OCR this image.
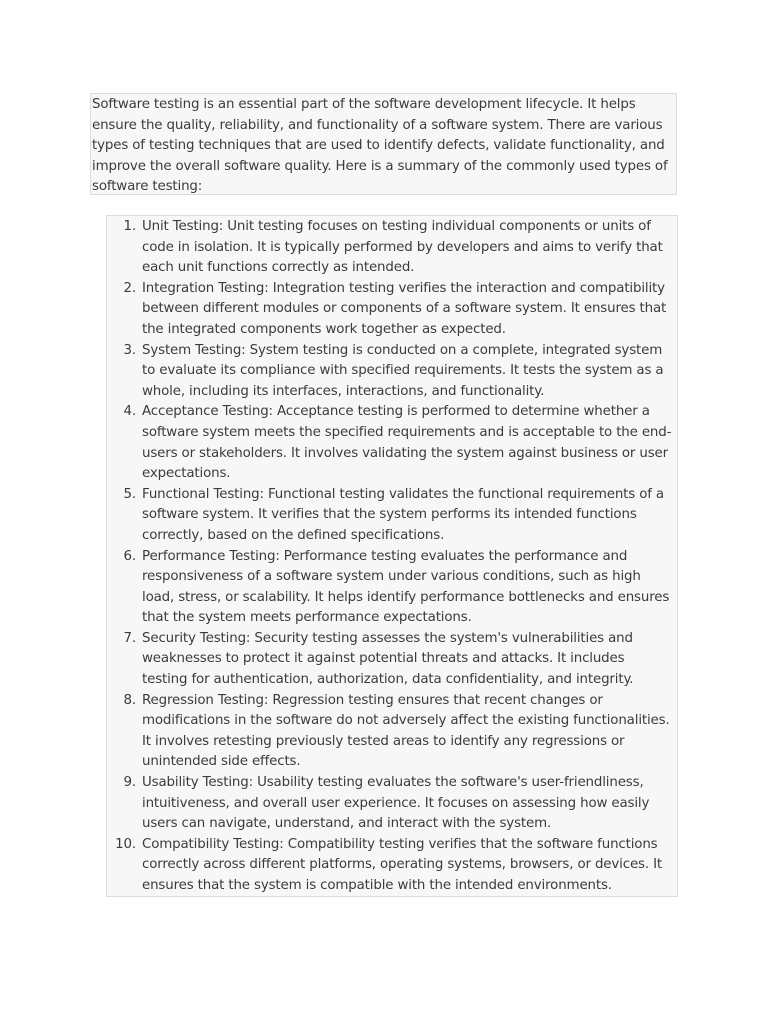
Software testing is an essential part of the software development lifecycle. It helps ensure the quality, reliability, and functionality of a software system. There are various types of testing techniques that are used to identify defects, validate functionality, and improve the overall software quality. Here is a summary of the commonly used types of software testing:
1. Unit Testing: Unit testing focuses on testing individual components or units of code in isolation. It is typically performed by developers and aims to verify that each unit functions correctly as intended.
2. Integration Testing: Integration testing verifies the interaction and compatibility between different modules or components of a software system. It ensures that the integrated components work together as expected.
3. System Testing: System testing is conducted on a complete, integrated system to evaluate its compliance with specified requirements. It tests the system as a whole, including its interfaces, interactions, and functionality.
4. Acceptance Testing: Acceptance testing is performed to determine whether a software system meets the specified requirements and is acceptable to the end-users or stakeholders. It involves validating the system against business or user expectations.
5. Functional Testing: Functional testing validates the functional requirements of a software system. It verifies that the system performs its intended functions correctly, based on the defined specifications.
6. Performance Testing: Performance testing evaluates the performance and responsiveness of a software system under various conditions, such as high load, stress, or scalability. It helps identify performance bottlenecks and ensures that the system meets performance expectations.
7. Security Testing: Security testing assesses the system's vulnerabilities and weaknesses to protect it against potential threats and attacks. It includes testing for authentication, authorization, data confidentiality, and integrity.
8. Regression Testing: Regression testing ensures that recent changes or modifications in the software do not adversely affect the existing functionalities. It involves retesting previously tested areas to identify any regressions or unintended side effects.
9. Usability Testing: Usability testing evaluates the software's user-friendliness, intuitiveness, and overall user experience. It focuses on assessing how easily users can navigate, understand, and interact with the system.
10. Compatibility Testing: Compatibility testing verifies that the software functions correctly across different platforms, operating systems, browsers, or devices. It ensures that the system is compatible with the intended environments.
